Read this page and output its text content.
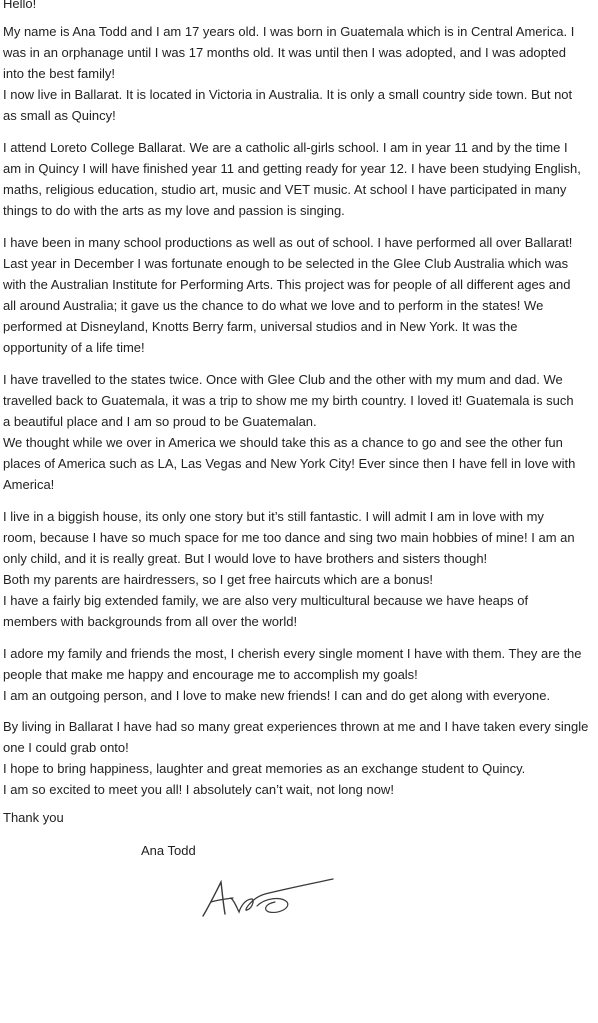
Hello!
My name is Ana Todd and I am 17 years old. I was born in Guatemala which is in Central America. I
was in an orphanage until I was 17 months old. It was until then I was adopted, and I was adopted
into the best family!
I now live in Ballarat. It is located in Victoria in Australia. It is only a small country side town. But not
as small as Quincy!
I attend Loreto College Ballarat. We are a catholic all-girls school. I am in year 11 and by the time I
am in Quincy I will have finished year 11 and getting ready for year 12. I have been studying English,
maths, religious education, studio art, music and VET music. At school I have participated in many
things to do with the arts as my love and passion is singing.
I have been in many school productions as well as out of school. I have performed all over Ballarat!
Last year in December I was fortunate enough to be selected in the Glee Club Australia which was
with the Australian Institute for Performing Arts. This project was for people of all different ages and
all around Australia; it gave us the chance to do what we love and to perform in the states! We
performed at Disneyland, Knotts Berry farm, universal studios and in New York. It was the
opportunity of a life time!
I have travelled to the states twice. Once with Glee Club and the other with my mum and dad. We
travelled back to Guatemala, it was a trip to show me my birth country. I loved it! Guatemala is such
a beautiful place and I am so proud to be Guatemalan.
We thought while we over in America we should take this as a chance to go and see the other fun
places of America such as LA, Las Vegas and New York City! Ever since then I have fell in love with
America!
I live in a biggish house, its only one story but it’s still fantastic. I will admit I am in love with my
room, because I have so much space for me too dance and sing two main hobbies of mine! I am an
only child, and it is really great. But I would love to have brothers and sisters though!
Both my parents are hairdressers, so I get free haircuts which are a bonus!
I have a fairly big extended family, we are also very multicultural because we have heaps of
members with backgrounds from all over the world!
I adore my family and friends the most, I cherish every single moment I have with them. They are the
people that make me happy and encourage me to accomplish my goals!
I am an outgoing person, and I love to make new friends! I can and do get along with everyone.
By living in Ballarat I have had so many great experiences thrown at me and I have taken every single
one I could grab onto!
I hope to bring happiness, laughter and great memories as an exchange student to Quincy.
I am so excited to meet you all! I absolutely can’t wait, not long now!
Thank you
Ana Todd
